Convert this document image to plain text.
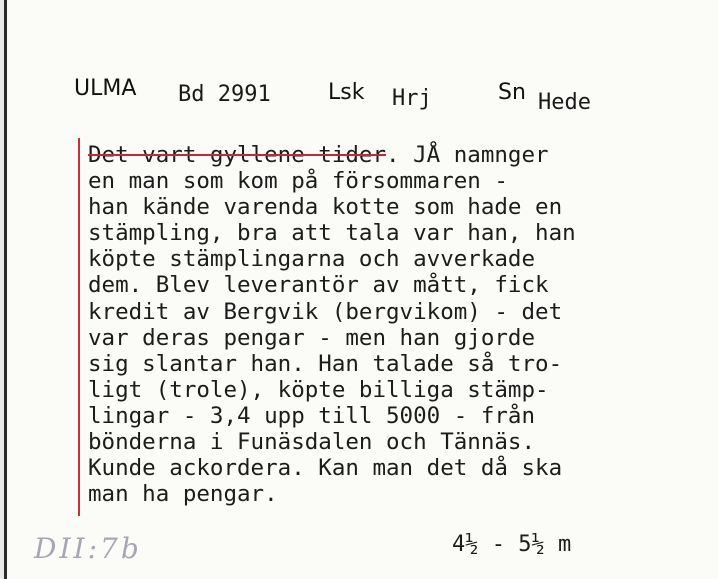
ULMA Bd 2991	Lsk Hrj	Sn Hede
Det vart gyllene tider. JÅ namnger
en man som kom på försommaren -
han kände varenda kotte som hade en
stämpling, bra att tala var han, han
köpte stämplingarna och avverkade
dem. Blev leverantör av mått, fick
kredit av Bergvik (bergvikom) - det
var deras pengar - men han gjorde
sig slantar han. Han talade så tro-
ligt (trole), köpte billiga stämp-
lingar - 3,4 upp till 5000 - från
bönderna i Funäsdalen och Tännäs.
Kunde ackordera. Kan man det då ska
man ha pengar.
DII:7b	4½ - 5½ m
